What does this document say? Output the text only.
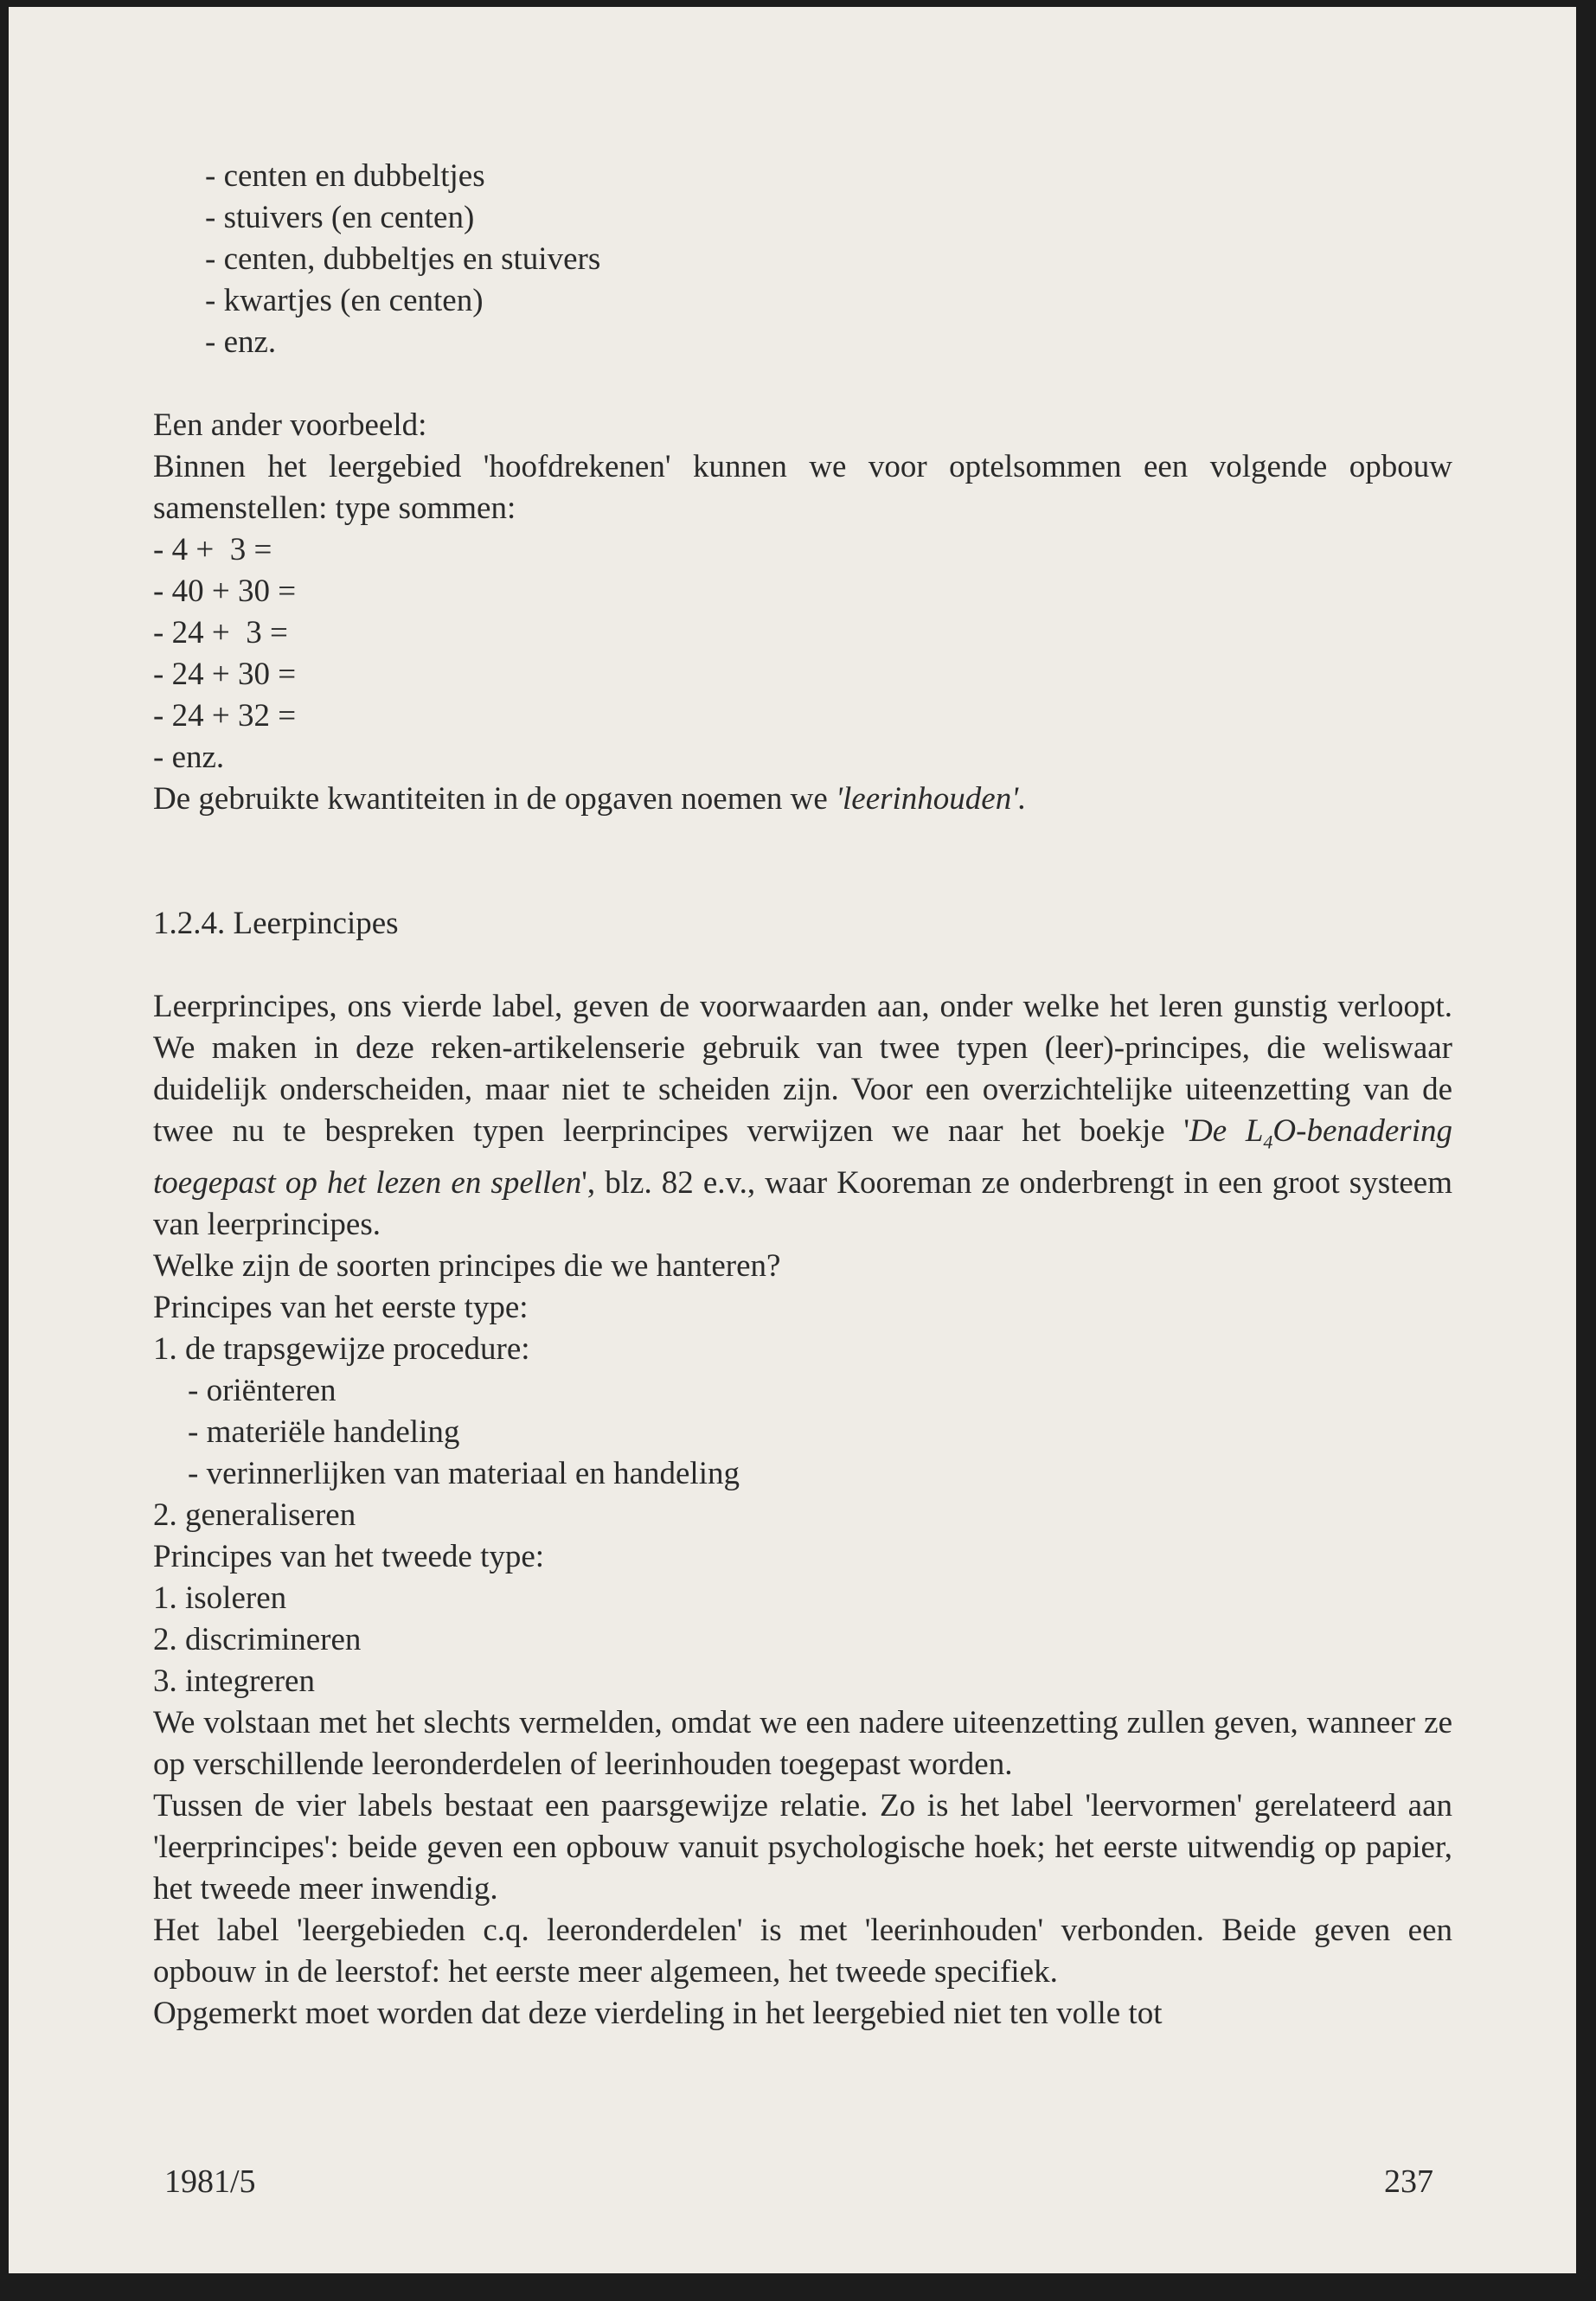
- centen en dubbeltjes
- stuivers (en centen)
- centen, dubbeltjes en stuivers
- kwartjes (en centen)
- enz.
Een ander voorbeeld:
Binnen het leergebied 'hoofdrekenen' kunnen we voor optelsommen een volgende opbouw samenstellen: type sommen:
- 4 +  3 =
- 40 + 30 =
- 24 +  3 =
- 24 + 30 =
- 24 + 32 =
- enz.
De gebruikte kwantiteiten in de opgaven noemen we 'leerinhouden'.
1.2.4. Leerpincipes
Leerprincipes, ons vierde label, geven de voorwaarden aan, onder welke het leren gunstig verloopt. We maken in deze reken-artikelenserie gebruik van twee typen (leer)-principes, die weliswaar duidelijk onderscheiden, maar niet te scheiden zijn. Voor een overzichtelijke uiteenzetting van de twee nu te bespreken typen leerprincipes verwijzen we naar het boekje 'De $L_4O$-benadering toegepast op het lezen en spellen', blz. 82 e.v., waar Kooreman ze onderbrengt in een groot systeem van leerprincipes.
Welke zijn de soorten principes die we hanteren?
Principes van het eerste type:
1. de trapsgewijze procedure:
- oriënteren
- materiële handeling
- verinnerlijken van materiaal en handeling
2. generaliseren
Principes van het tweede type:
1. isoleren
2. discrimineren
3. integreren
We volstaan met het slechts vermelden, omdat we een nadere uiteenzetting zullen geven, wanneer ze op verschillende leeronderdelen of leerinhouden toegepast worden.
Tussen de vier labels bestaat een paarsgewijze relatie. Zo is het label 'leervormen' gerelateerd aan 'leerprincipes': beide geven een opbouw vanuit psychologische hoek; het eerste uitwendig op papier, het tweede meer inwendig.
Het label 'leergebieden c.q. leeronderdelen' is met 'leerinhouden' verbonden. Beide geven een opbouw in de leerstof: het eerste meer algemeen, het tweede specifiek.
Opgemerkt moet worden dat deze vierdeling in het leergebied niet ten volle tot
1981/5	237
